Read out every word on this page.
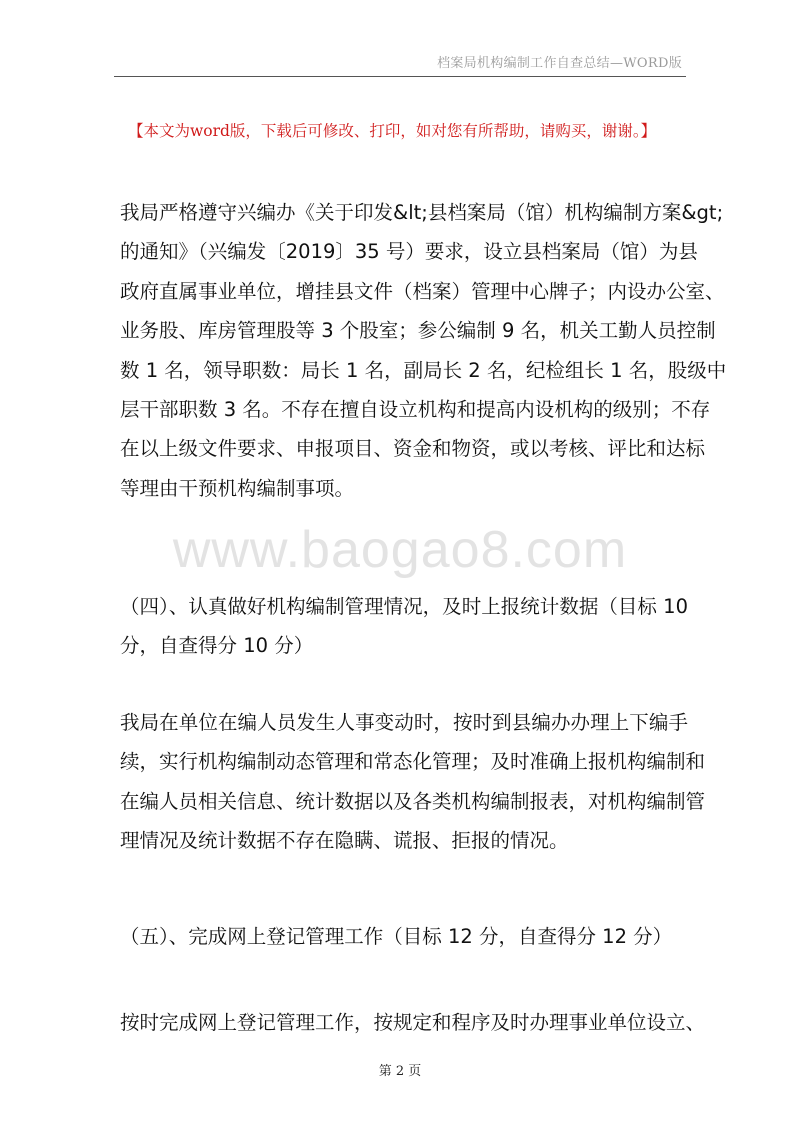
档案局机构编制工作自查总结—WORD版
【本文为word版，下载后可修改、打印，如对您有所帮助，请购买，谢谢。】
www.baogao8.com
我局严格遵守兴编办《关于印发&lt;县档案局（馆）机构编制方案&gt;
的通知》（兴编发〔2019〕35 号）要求，设立县档案局（馆）为县
政府直属事业单位，增挂县文件（档案）管理中心牌子；内设办公室、
业务股、库房管理股等 3 个股室；参公编制 9 名，机关工勤人员控制
数 1 名，领导职数：局长 1 名，副局长 2 名，纪检组长 1 名，股级中
层干部职数 3 名。不存在擅自设立机构和提高内设机构的级别；不存
在以上级文件要求、申报项目、资金和物资，或以考核、评比和达标
等理由干预机构编制事项。
（四）、认真做好机构编制管理情况，及时上报统计数据（目标 10
分，自查得分 10 分）
我局在单位在编人员发生人事变动时，按时到县编办办理上下编手
续，实行机构编制动态管理和常态化管理；及时准确上报机构编制和
在编人员相关信息、统计数据以及各类机构编制报表，对机构编制管
理情况及统计数据不存在隐瞒、谎报、拒报的情况。
（五）、完成网上登记管理工作（目标 12 分，自查得分 12 分）
按时完成网上登记管理工作，按规定和程序及时办理事业单位设立、
第 2 页
